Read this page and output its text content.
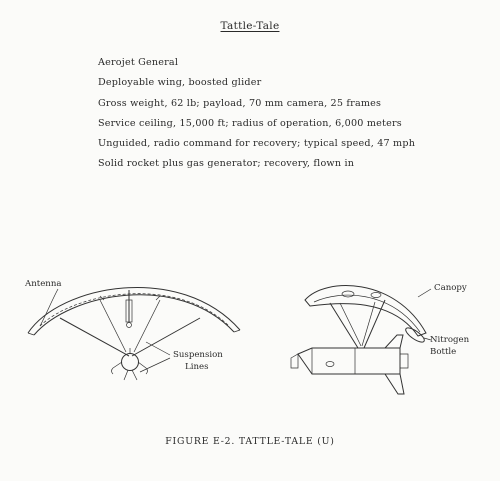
Tattle-Tale
Aerojet General
Deployable wing, boosted glider
Gross weight, 62 lb; payload, 70 mm camera, 25 frames
Service ceiling, 15,000 ft; radius of operation, 6,000 meters
Unguided, radio command for recovery; typical speed, 47 mph
Solid rocket plus gas generator; recovery, flown in
Antenna
Suspension
Lines
Canopy
Nitrogen
Bottle
FIGURE E-2. TATTLE-TALE (U)
